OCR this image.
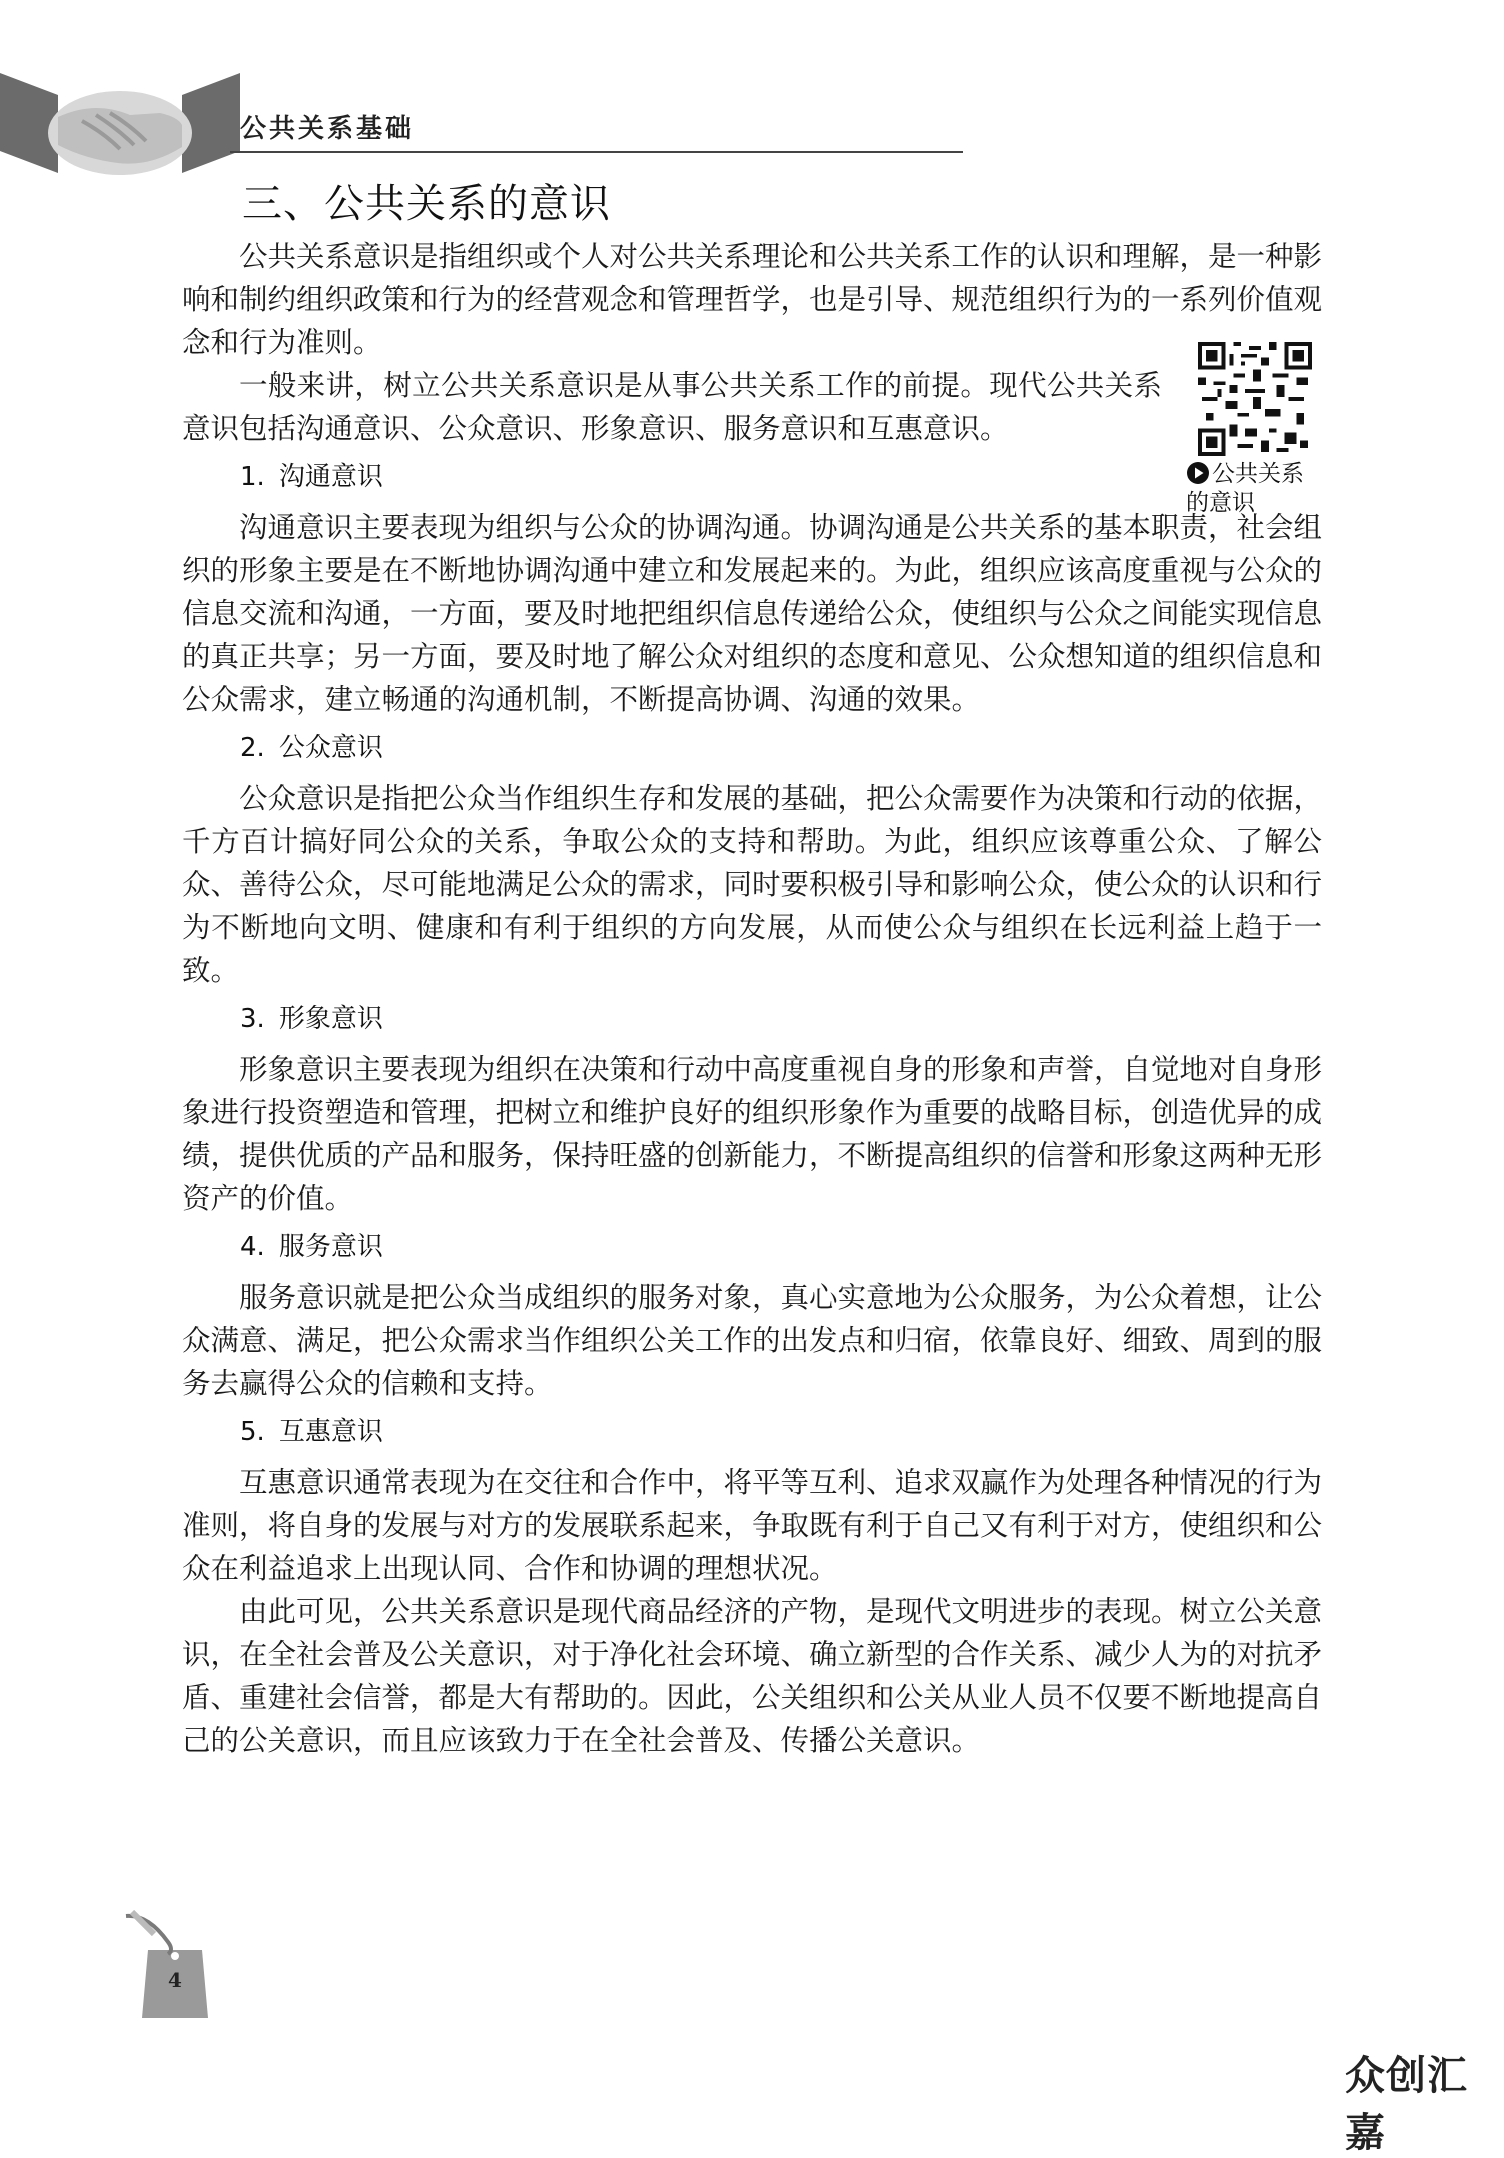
公共关系基础
三、公共关系的意识
公共关系
的意识

公共关系意识是指组织或个人对公共关系理论和公共关系工作的认识和理解，是一种影响和制约组织政策和行为的经营观念和管理哲学，也是引导、规范组织行为的一系列价值观念和行为准则。

一般来讲，树立公共关系意识是从事公共关系工作的前提。现代公共关系意识包括沟通意识、公众意识、形象意识、服务意识和互惠意识。

1. 沟通意识

沟通意识主要表现为组织与公众的协调沟通。协调沟通是公共关系的基本职责，社会组织的形象主要是在不断地协调沟通中建立和发展起来的。为此，组织应该高度重视与公众的信息交流和沟通，一方面，要及时地把组织信息传递给公众，使组织与公众之间能实现信息的真正共享；另一方面，要及时地了解公众对组织的态度和意见、公众想知道的组织信息和公众需求，建立畅通的沟通机制，不断提高协调、沟通的效果。

2. 公众意识

公众意识是指把公众当作组织生存和发展的基础，把公众需要作为决策和行动的依据，千方百计搞好同公众的关系，争取公众的支持和帮助。为此，组织应该尊重公众、了解公众、善待公众，尽可能地满足公众的需求，同时要积极引导和影响公众，使公众的认识和行为不断地向文明、健康和有利于组织的方向发展，从而使公众与组织在长远利益上趋于一致。

3. 形象意识

形象意识主要表现为组织在决策和行动中高度重视自身的形象和声誉，自觉地对自身形象进行投资塑造和管理，把树立和维护良好的组织形象作为重要的战略目标，创造优异的成绩，提供优质的产品和服务，保持旺盛的创新能力，不断提高组织的信誉和形象这两种无形资产的价值。

4. 服务意识

服务意识就是把公众当成组织的服务对象，真心实意地为公众服务，为公众着想，让公众满意、满足，把公众需求当作组织公关工作的出发点和归宿，依靠良好、细致、周到的服务去赢得公众的信赖和支持。

5. 互惠意识

互惠意识通常表现为在交往和合作中，将平等互利、追求双赢作为处理各种情况的行为准则，将自身的发展与对方的发展联系起来，争取既有利于自己又有利于对方，使组织和公众在利益追求上出现认同、合作和协调的理想状况。

由此可见，公共关系意识是现代商品经济的产物，是现代文明进步的表现。树立公关意识，在全社会普及公关意识，对于净化社会环境、确立新型的合作关系、减少人为的对抗矛盾、重建社会信誉，都是大有帮助的。因此，公关组织和公关从业人员不仅要不断地提高自己的公关意识，而且应该致力于在全社会普及、传播公关意识。

4
众创汇嘉
